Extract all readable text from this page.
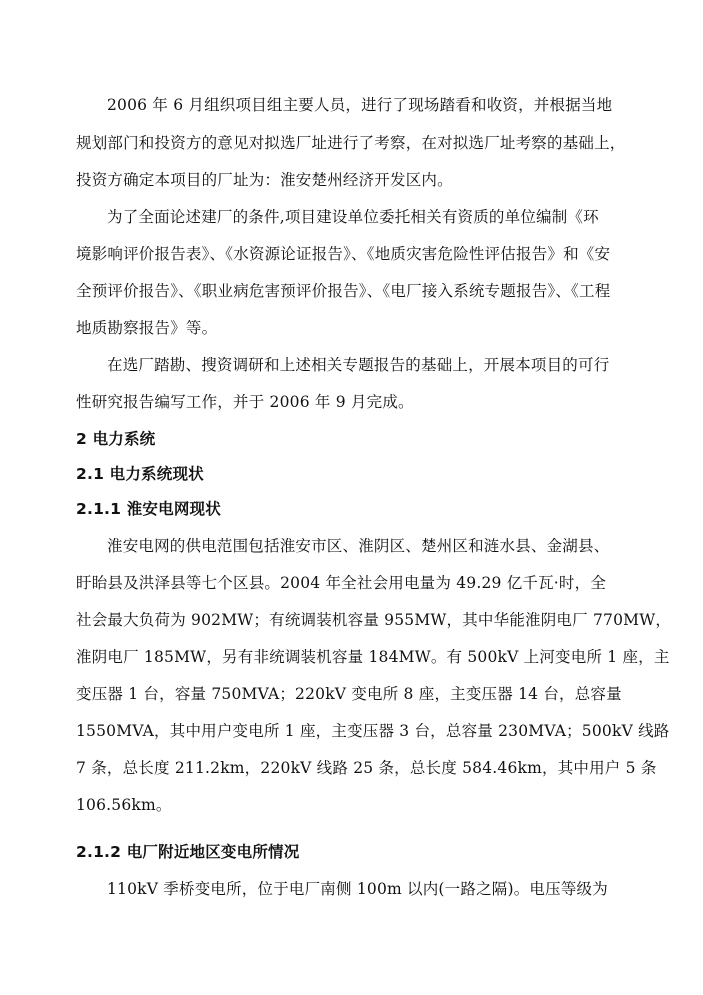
2006 年 6 月组织项目组主要人员，进行了现场踏看和收资，并根据当地
规划部门和投资方的意见对拟选厂址进行了考察，在对拟选厂址考察的基础上，
投资方确定本项目的厂址为：淮安楚州经济开发区内。
为了全面论述建厂的条件,项目建设单位委托相关有资质的单位编制《环
境影响评价报告表》、《水资源论证报告》、《地质灾害危险性评估报告》和《安
全预评价报告》、《职业病危害预评价报告》、《电厂接入系统专题报告》、《工程
地质勘察报告》等。
在选厂踏勘、搜资调研和上述相关专题报告的基础上，开展本项目的可行
性研究报告编写工作，并于 2006 年 9 月完成。
2 电力系统
2.1 电力系统现状
2.1.1 淮安电网现状
淮安电网的供电范围包括淮安市区、淮阴区、楚州区和涟水县、金湖县、
盱眙县及洪泽县等七个区县。2004 年全社会用电量为 49.29 亿千瓦·时，全
社会最大负荷为 902MW；有统调装机容量 955MW，其中华能淮阴电厂 770MW，
淮阴电厂 185MW，另有非统调装机容量 184MW。有 500kV 上河变电所 1 座，主
变压器 1 台，容量 750MVA；220kV 变电所 8 座，主变压器 14 台，总容量
1550MVA，其中用户变电所 1 座，主变压器 3 台，总容量 230MVA；500kV 线路
7 条，总长度 211.2km，220kV 线路 25 条，总长度 584.46km，其中用户 5 条
106.56km。
2.1.2 电厂附近地区变电所情况
110kV 季桥变电所，位于电厂南侧 100m 以内(一路之隔)。电压等级为
